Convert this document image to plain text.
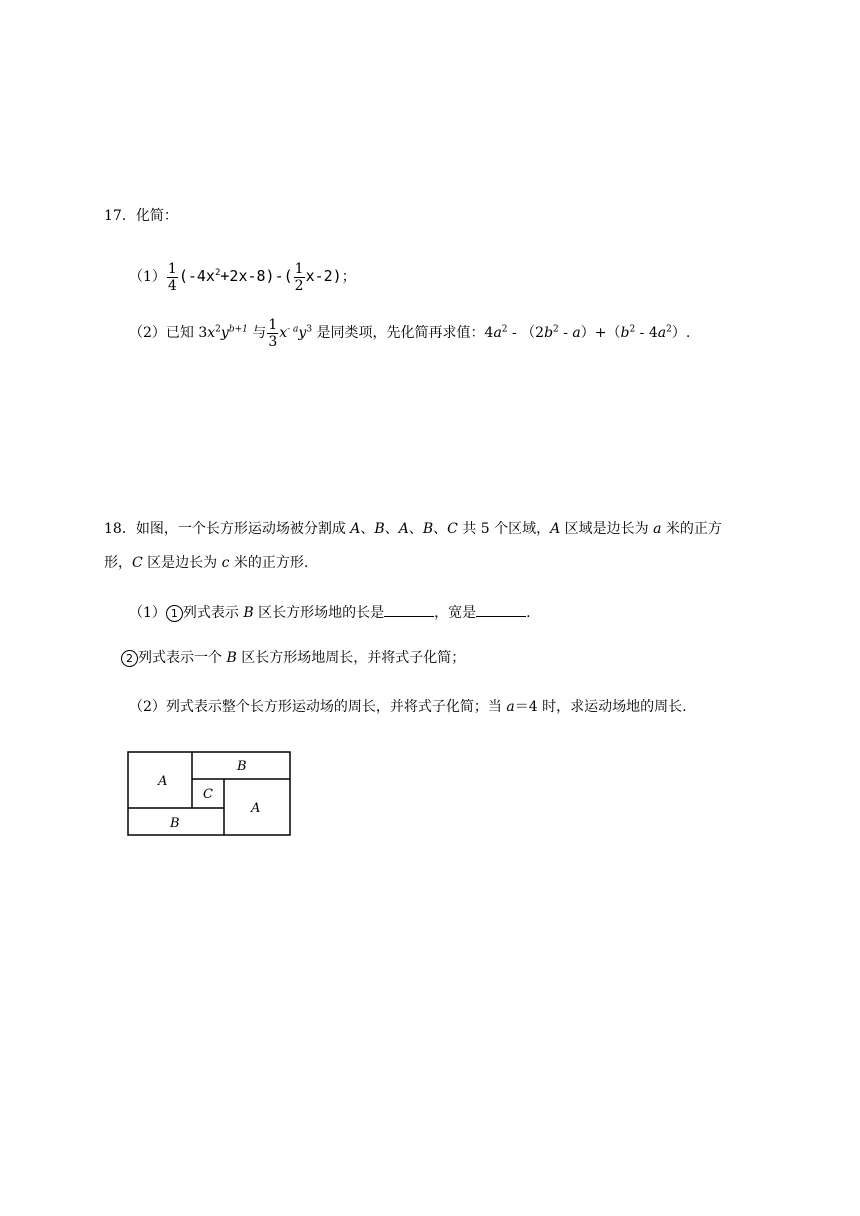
17．化简：
$(1) \frac{1}{4} (-4x^2+2x-8)-( \frac{1}{2} x-2)$；
（2）已知 $3x^2y^{b+1}$ 与 $\frac{1}{3} x^{- a}y^3$ 是同类项，先化简再求值：$4a^2 - (2b^2 - a)+(b^2 - 4a^2)$.
18．如图，一个长方形运动场被分割成 A、B、A、B、C 共 5 个区域，A 区域是边长为 a 米的正方
形，C 区是边长为 c 米的正方形.
（1） 1 列式表示 B 区长方形场地的长是	，宽是	.
2 列式表示一个 B 区长方形场地周长，并将式子化简；
（2）列式表示整个长方形运动场的周长，并将式子化简；当 a＝4 时，求运动场地的周长.
A
B
C
A
B
